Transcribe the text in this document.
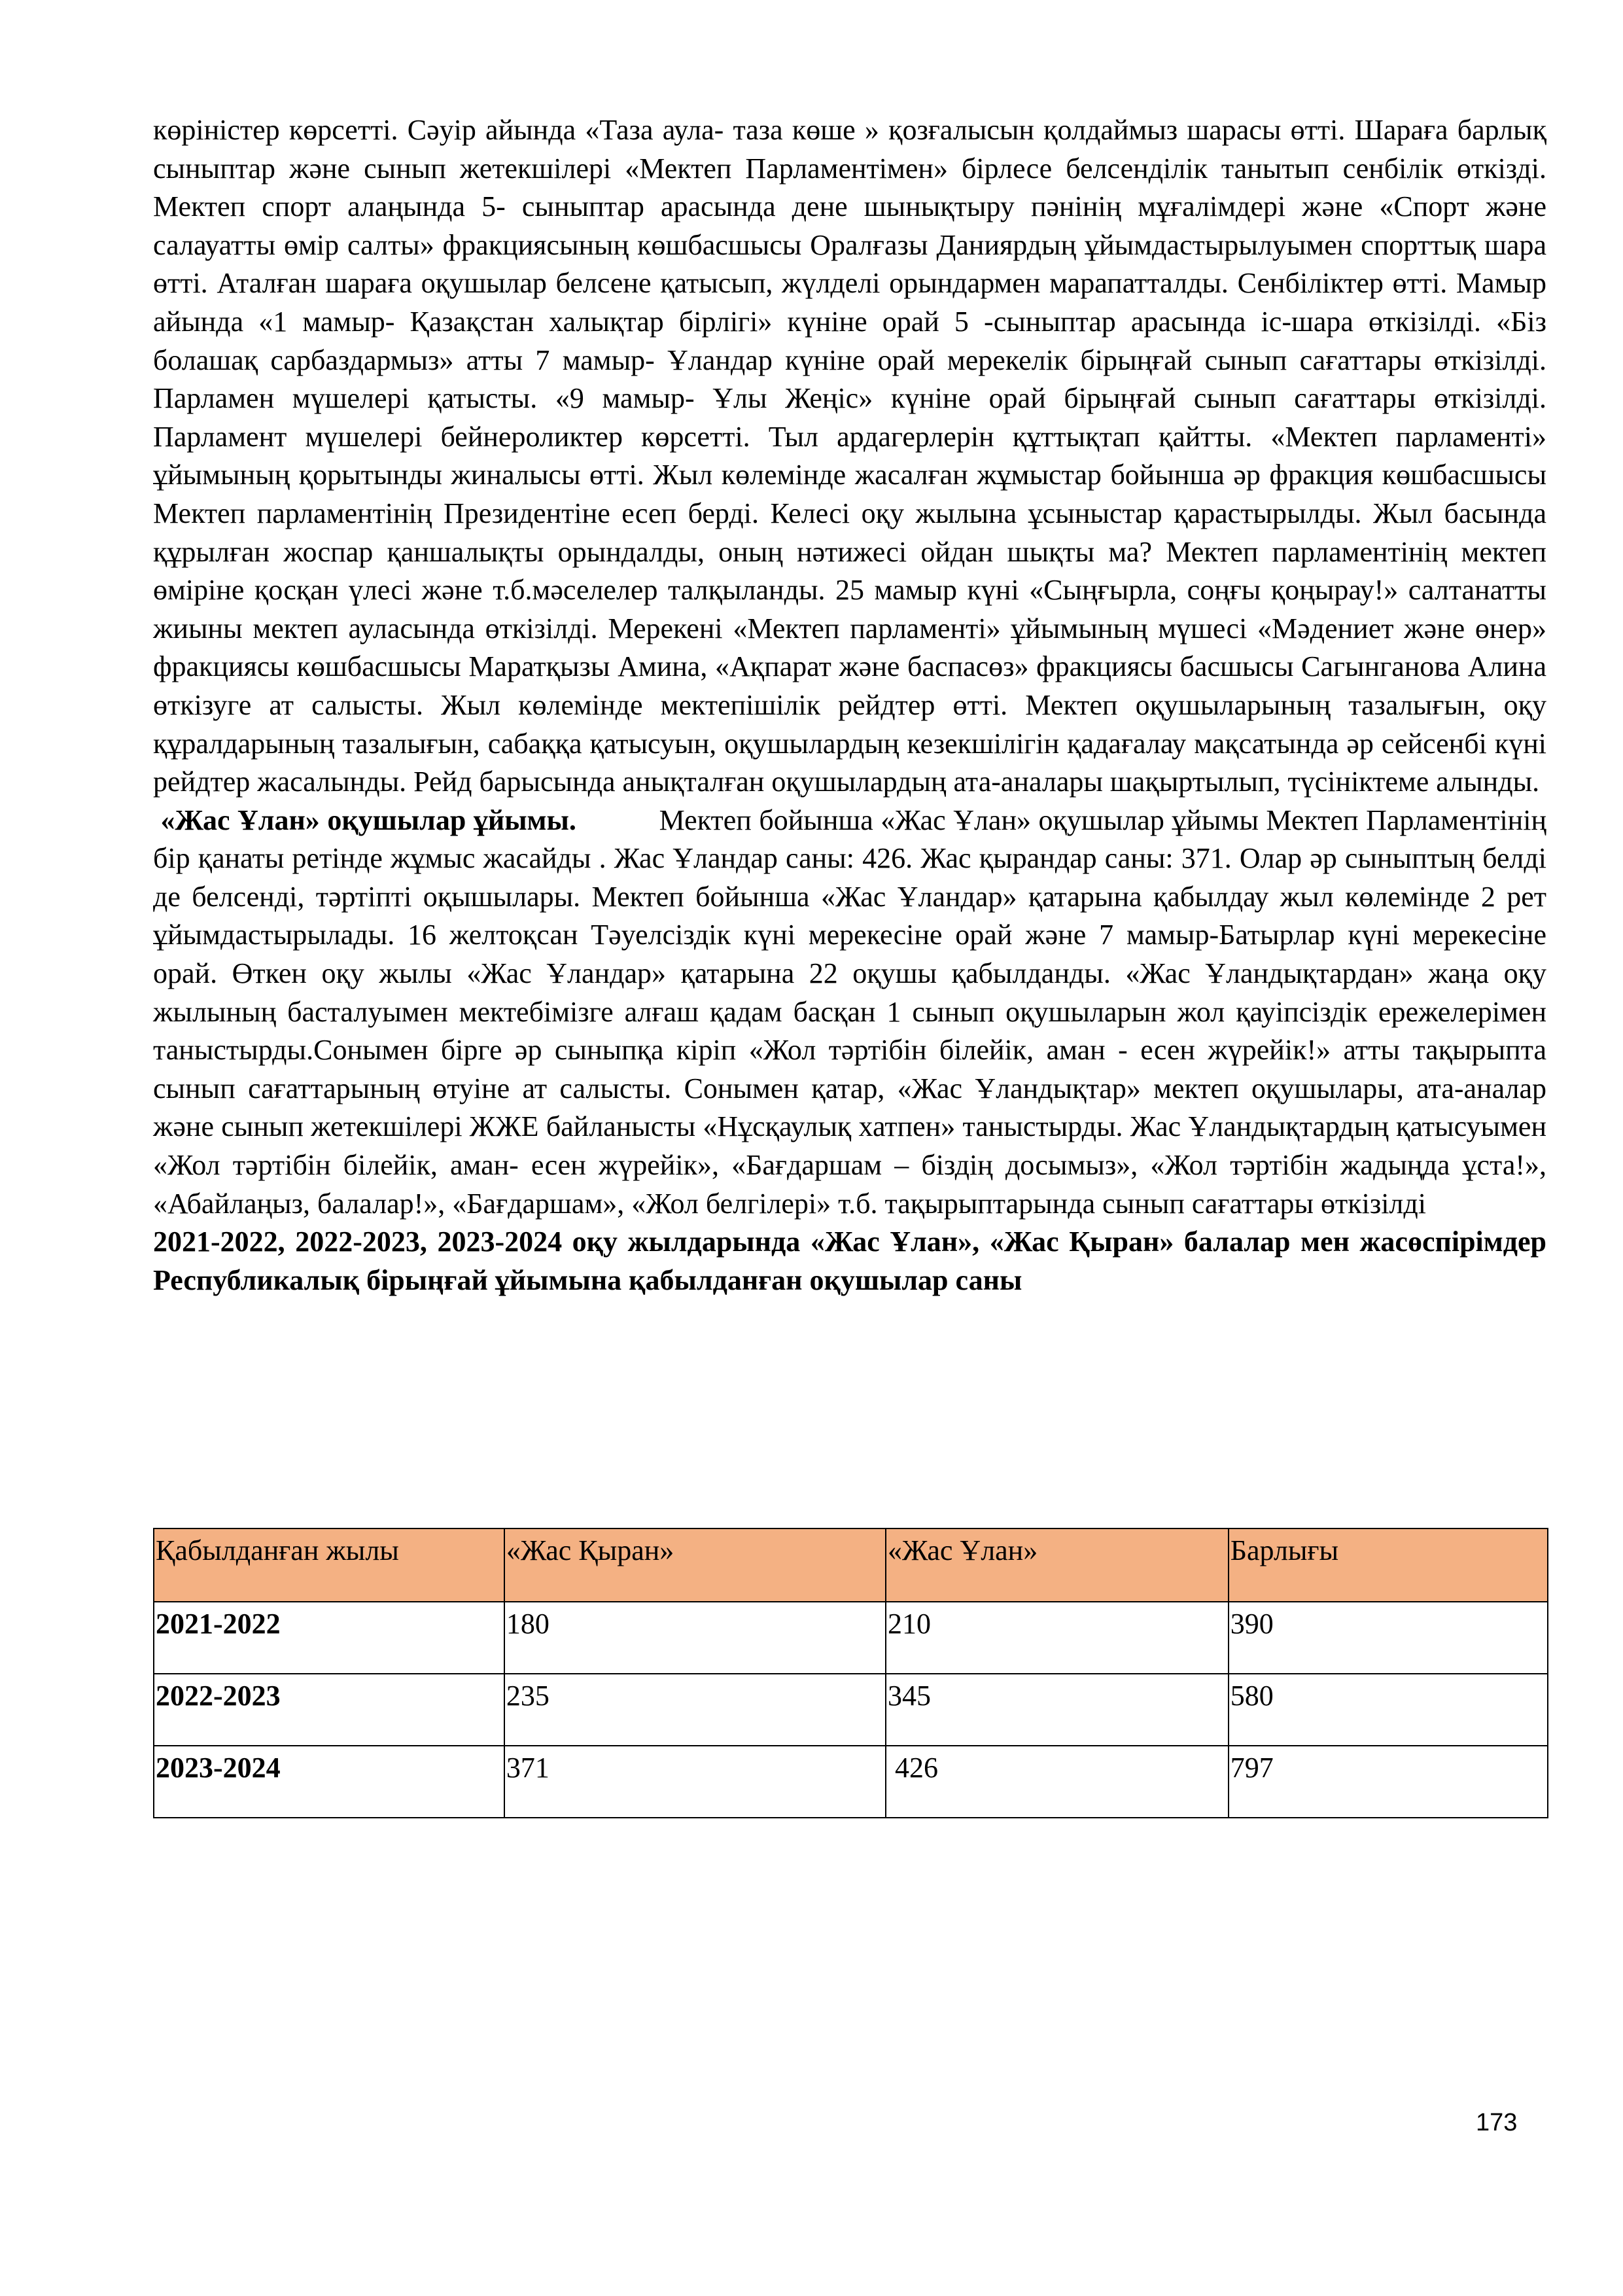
көріністер көрсетті. Сәуір айында «Таза аула- таза көше » қозғалысын қолдаймыз шарасы өтті. Шараға барлық сыныптар және сынып жетекшілері «Мектеп Парламентімен» бірлесе белсенділік танытып сенбілік өткізді. Мектеп спорт алаңында 5- сыныптар арасында дене шынықтыру пәнінің мұғалімдері және «Спорт және салауатты өмір салты» фракциясының көшбасшысы Оралғазы Даниярдың ұйымдастырылуымен спорттық шара өтті. Аталған шараға оқушылар белсене қатысып, жүлделі орындармен марапатталды. Сенбіліктер өтті. Мамыр айында «1 мамыр- Қазақстан халықтар бірлігі» күніне орай 5 -сыныптар арасында іс-шара өткізілді. «Біз болашақ сарбаздармыз» атты 7 мамыр- Ұландар күніне орай мерекелік бірыңғай сынып сағаттары өткізілді. Парламен мүшелері қатысты. «9 мамыр- Ұлы Жеңіс» күніне орай бірыңғай сынып сағаттары өткізілді. Парламент мүшелері бейнероликтер көрсетті. Тыл ардагерлерін құттықтап қайтты. «Мектеп парламенті» ұйымының қорытынды жиналысы өтті. Жыл көлемінде жасалған жұмыстар бойынша әр фракция көшбасшысы Мектеп парламентінің Президентіне есеп берді. Келесі оқу жылына ұсыныстар қарастырылды. Жыл басында құрылған жоспар қаншалықты орындалды, оның нәтижесі ойдан шықты ма? Мектеп парламентінің мектеп өміріне қосқан үлесі және т.б.мәселелер талқыланды. 25 мамыр күні «Сыңғырла, соңғы қоңырау!» салтанатты жиыны мектеп ауласында өткізілді. Мерекені «Мектеп парламенті» ұйымының мүшесі «Мәдениет және өнер» фракциясы көшбасшысы Маратқызы Амина, «Ақпарат және баспасөз» фракциясы басшысы Сагынганова Алина өткізуге ат салысты. Жыл көлемінде мектепішілік рейдтер өтті. Мектеп оқушыларының тазалығын, оқу құралдарының тазалығын, сабаққа қатысуын, оқушылардың кезекшілігін қадағалау мақсатында әр сейсенбі күні рейдтер жасалынды. Рейд барысында анықталған оқушылардың ата-аналары шақыртылып, түсініктеме алынды.

«Жас Ұлан» оқушылар ұйымы.	Мектеп бойынша «Жас Ұлан» оқушылар ұйымы Мектеп Парламентінің бір қанаты ретінде жұмыс жасайды . Жас Ұландар саны: 426. Жас қырандар саны: 371. Олар әр сыныптың белді де белсенді, тәртіпті оқышылары. Мектеп бойынша «Жас Ұландар» қатарына қабылдау жыл көлемінде 2 рет ұйымдастырылады. 16 желтоқсан Тәуелсіздік күні мерекесіне орай және 7 мамыр-Батырлар күні мерекесіне орай. Өткен оқу жылы «Жас Ұландар» қатарына 22 оқушы қабылданды. «Жас Ұландықтардан» жаңа оқу жылының басталуымен мектебімізге алғаш қадам басқан 1 сынып оқушыларын жол қауіпсіздік ережелерімен таныстырды.Сонымен бірге әр сыныпқа кіріп «Жол тәртібін білейік, аман - есен жүрейік!» атты тақырыпта сынып сағаттарының өтуіне ат салысты. Сонымен қатар, «Жас Ұландықтар» мектеп оқушылары, ата-аналар және сынып жетекшілері ЖЖЕ байланысты «Нұсқаулық хатпен» таныстырды. Жас Ұландықтардың қатысуымен «Жол тәртібін білейік, аман- есен жүрейік», «Бағдаршам – біздің досымыз», «Жол тәртібін жадыңда ұста!», «Абайлаңыз, балалар!», «Бағдаршам», «Жол белгілері» т.б. тақырыптарында сынып сағаттары өткізілді

2021-2022, 2022-2023, 2023-2024 оқу жылдарында «Жас Ұлан», «Жас Қыран» балалар мен жасөспірімдер Республикалық бірыңғай ұйымына қабылданған оқушылар саны

Қабылданған жылы	«Жас Қыран»	«Жас Ұлан»	Барлығы
2021-2022	180	210	390
2022-2023	235	345	580
2023-2024	371	426	797
173
